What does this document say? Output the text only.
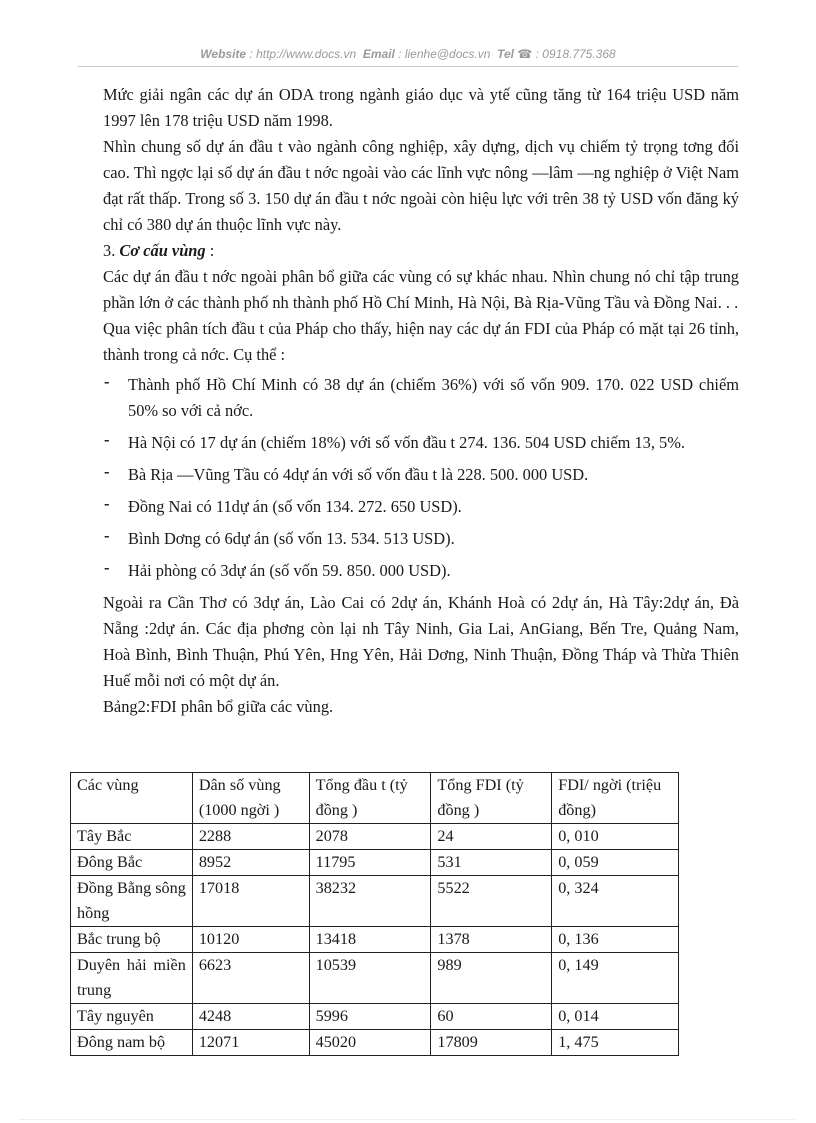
Website : http://www.docs.vn Email : lienhe@docs.vn Tel ☎ : 0918.775.368

Mức giải ngân các dự án ODA trong ngành giáo dục và ytế cũng tăng từ 164 triệu USD năm 1997 lên 178 triệu USD năm 1998.

Nhìn chung số dự án đầu t vào ngành công nghiệp, xây dựng, dịch vụ chiếm tỷ trọng tơng đối cao. Thì ngợc lại số dự án đầu t nớc ngoài vào các lĩnh vực nông —lâm —ng nghiệp ở Việt Nam đạt rất thấp. Trong số 3. 150 dự án đầu t nớc ngoài còn hiệu lực với trên 38 tỷ USD vốn đăng ký chỉ có 380 dự án thuộc lĩnh vực này.

3. Cơ cấu vùng :

Các dự án đầu t nớc ngoài phân bổ giữa các vùng có sự khác nhau. Nhìn chung nó chỉ tập trung phần lớn ở các thành phố nh thành phố Hồ Chí Minh, Hà Nội, Bà Rịa-Vũng Tầu và Đồng Nai. . .

Qua việc phân tích đầu t của Pháp cho thấy, hiện nay các dự án FDI của Pháp có mặt tại 26 tỉnh, thành trong cả nớc. Cụ thể :

- Thành phố Hồ Chí Minh có 38 dự án (chiếm 36%) với số vốn 909. 170. 022 USD chiếm 50% so với cả nớc.
- Hà Nội có 17 dự án (chiếm 18%) với số vốn đầu t 274. 136. 504 USD chiếm 13, 5%.
- Bà Rịa —Vũng Tầu có 4dự án với số vốn đầu t là 228. 500. 000 USD.
- Đồng Nai có 11dự án (số vốn 134. 272. 650 USD).
- Bình Dơng có 6dự án (số vốn 13. 534. 513 USD).
- Hải phòng có 3dự án (số vốn 59. 850. 000 USD).

Ngoài ra Cần Thơ có 3dự án, Lào Cai có 2dự án, Khánh Hoà có 2dự án, Hà Tây:2dự án, Đà Nẵng :2dự án. Các địa phơng còn lại nh Tây Ninh, Gia Lai, AnGiang, Bến Tre, Quảng Nam, Hoà Bình, Bình Thuận, Phú Yên, Hng Yên, Hải Dơng, Ninh Thuận, Đồng Tháp và Thừa Thiên Huế mỗi nơi có một dự án.

Bảng2:FDI phân bổ giữa các vùng.

Các vùng	Dân số vùng (1000 ngời )	Tổng đầu t (tỷ đồng )	Tổng FDI (tỷ đồng )	FDI/ ngời (triệu đồng)
Tây Bắc	2288	2078	24	0, 010
Đông Bắc	8952	11795	531	0, 059
Đồng Bằng sông hồng	17018	38232	5522	0, 324
Bắc trung bộ	10120	13418	1378	0, 136
Duyên hải miền trung	6623	10539	989	0, 149
Tây nguyên	4248	5996	60	0, 014
Đông nam bộ	12071	45020	17809	1, 475
